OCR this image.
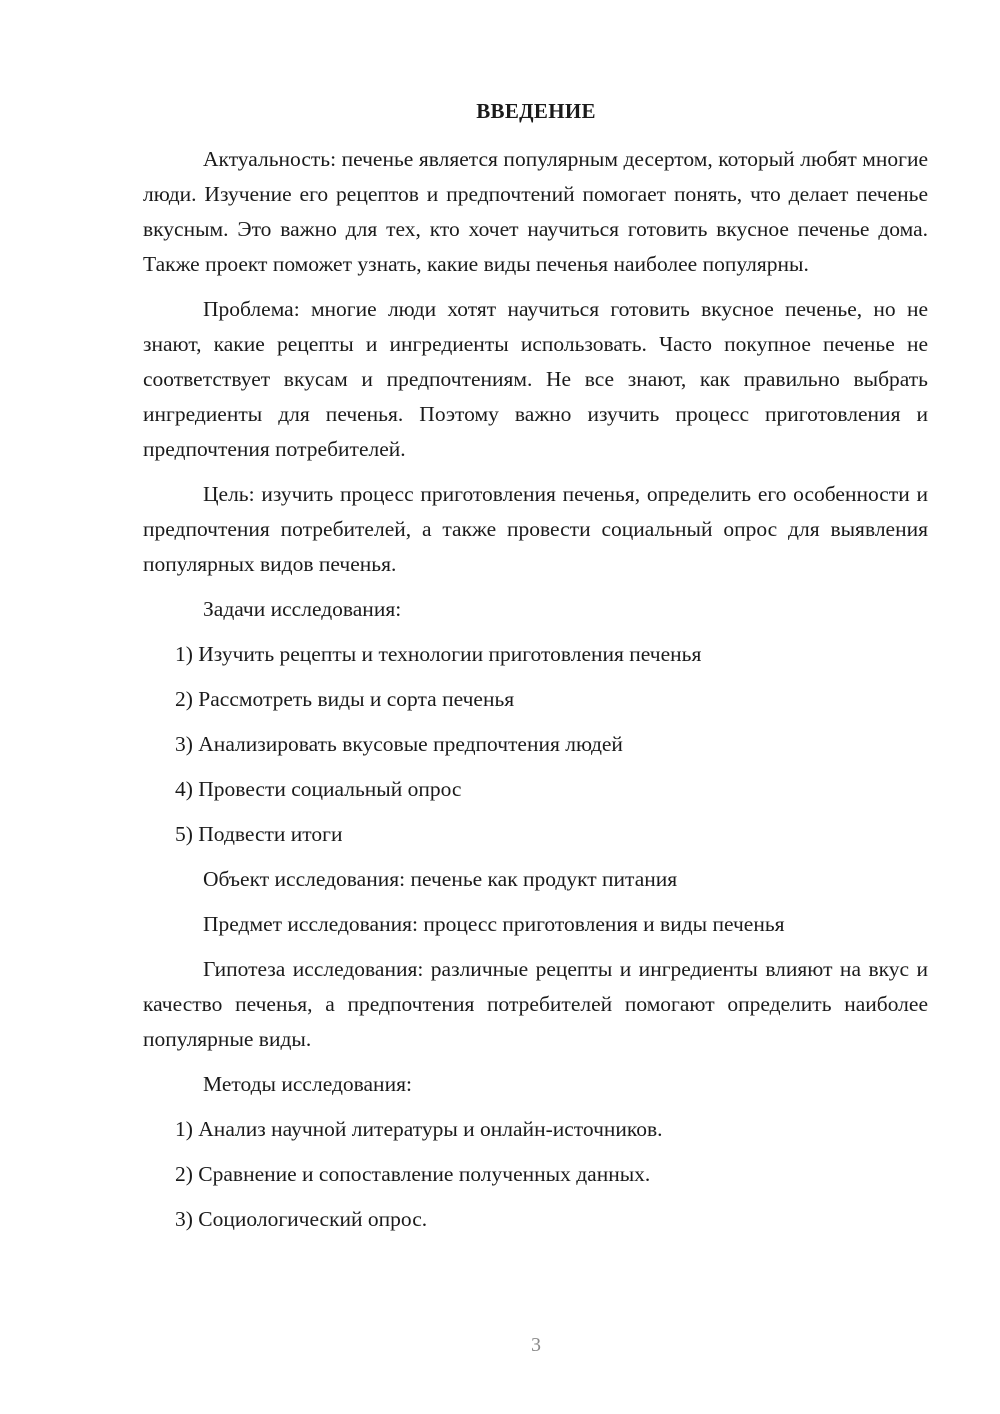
ВВЕДЕНИЕ

Актуальность: печенье является популярным десертом, который любят многие люди. Изучение его рецептов и предпочтений помогает понять, что делает печенье вкусным. Это важно для тех, кто хочет научиться готовить вкусное печенье дома. Также проект поможет узнать, какие виды печенья наиболее популярны.

Проблема: многие люди хотят научиться готовить вкусное печенье, но не знают, какие рецепты и ингредиенты использовать. Часто покупное печенье не соответствует вкусам и предпочтениям. Не все знают, как правильно выбрать ингредиенты для печенья. Поэтому важно изучить процесс приготовления и предпочтения потребителей.

Цель: изучить процесс приготовления печенья, определить его особенности и предпочтения потребителей, а также провести социальный опрос для выявления популярных видов печенья.

Задачи исследования:

1) Изучить рецепты и технологии приготовления печенья

2) Рассмотреть виды и сорта печенья

3) Анализировать вкусовые предпочтения людей

4) Провести социальный опрос

5) Подвести итоги

Объект исследования: печенье как продукт питания

Предмет исследования: процесс приготовления и виды печенья

Гипотеза исследования: различные рецепты и ингредиенты влияют на вкус и качество печенья, а предпочтения потребителей помогают определить наиболее популярные виды.

Методы исследования:

1) Анализ научной литературы и онлайн-источников.

2) Сравнение и сопоставление полученных данных.

3) Социологический опрос.

3
